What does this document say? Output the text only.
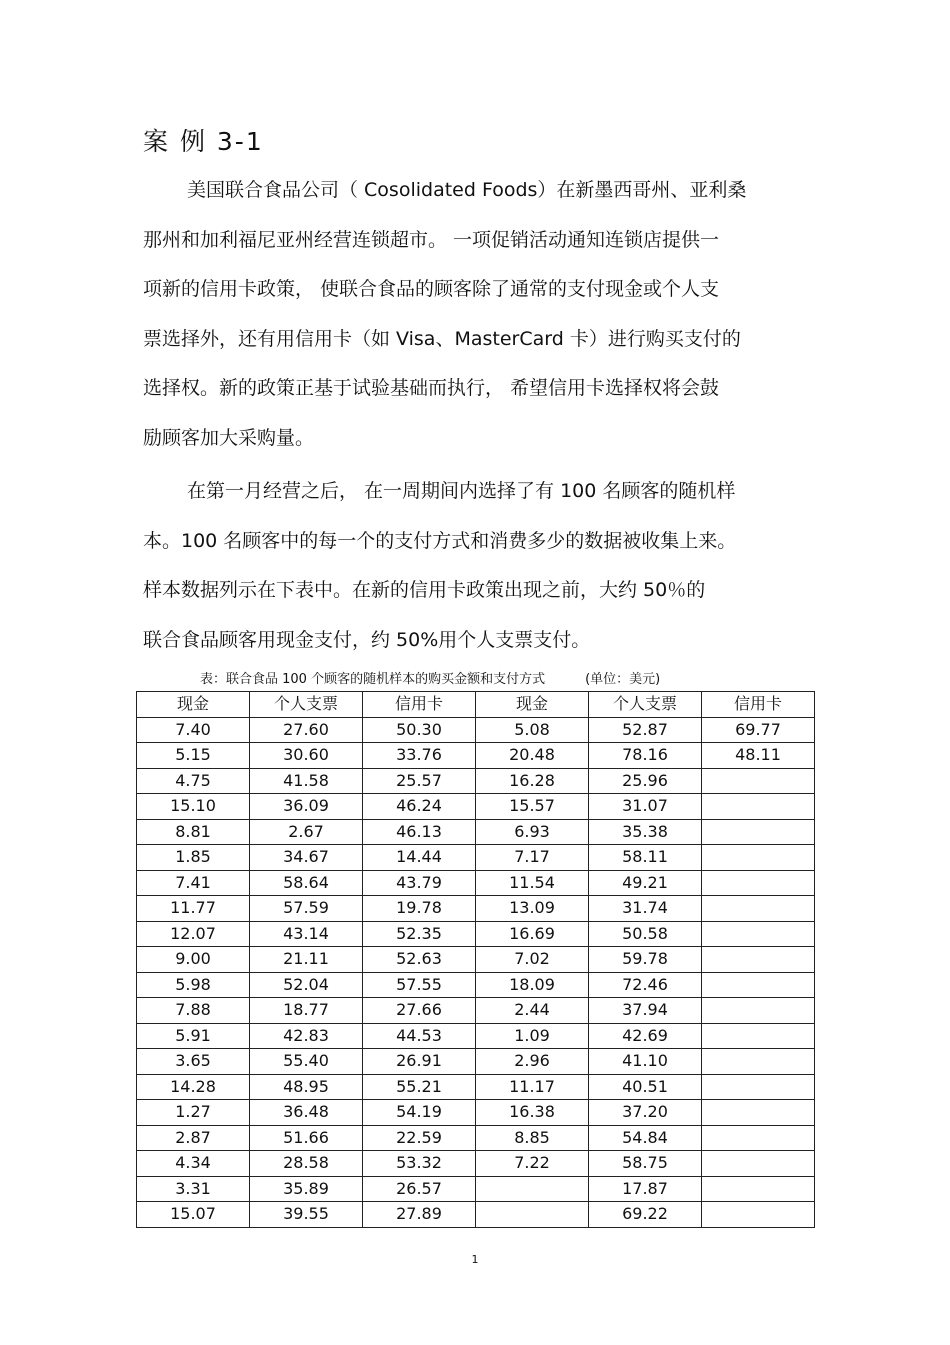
案 例 3-1
美国联合食品公司（ Cosolidated Foods）在新墨西哥州、亚利桑
那州和加利福尼亚州经营连锁超市。 一项促销活动通知连锁店提供一
项新的信用卡政策， 使联合食品的顾客除了通常的支付现金或个人支
票选择外，还有用信用卡（如 Visa、MasterCard 卡）进行购买支付的
选择权。新的政策正基于试验基础而执行， 希望信用卡选择权将会鼓
励顾客加大采购量。
在第一月经营之后， 在一周期间内选择了有 100 名顾客的随机样
本。100 名顾客中的每一个的支付方式和消费多少的数据被收集上来。
样本数据列示在下表中。在新的信用卡政策出现之前，大约 50％的
联合食品顾客用现金支付，约 50%用个人支票支付。
表：联合食品 100 个顾客的随机样本的购买金额和支付方式	(单位：美元)
现金	个人支票	信用卡	现金	个人支票	信用卡
7.40	27.60	50.30	5.08	52.87	69.77
5.15	30.60	33.76	20.48	78.16	48.11
4.75	41.58	25.57	16.28	25.96	
15.10	36.09	46.24	15.57	31.07	
8.81	2.67	46.13	6.93	35.38	
1.85	34.67	14.44	7.17	58.11	
7.41	58.64	43.79	11.54	49.21	
11.77	57.59	19.78	13.09	31.74	
12.07	43.14	52.35	16.69	50.58	
9.00	21.11	52.63	7.02	59.78	
5.98	52.04	57.55	18.09	72.46	
7.88	18.77	27.66	2.44	37.94	
5.91	42.83	44.53	1.09	42.69	
3.65	55.40	26.91	2.96	41.10	
14.28	48.95	55.21	11.17	40.51	
1.27	36.48	54.19	16.38	37.20	
2.87	51.66	22.59	8.85	54.84	
4.34	28.58	53.32	7.22	58.75	
3.31	35.89	26.57		17.87	
15.07	39.55	27.89		69.22	
1
